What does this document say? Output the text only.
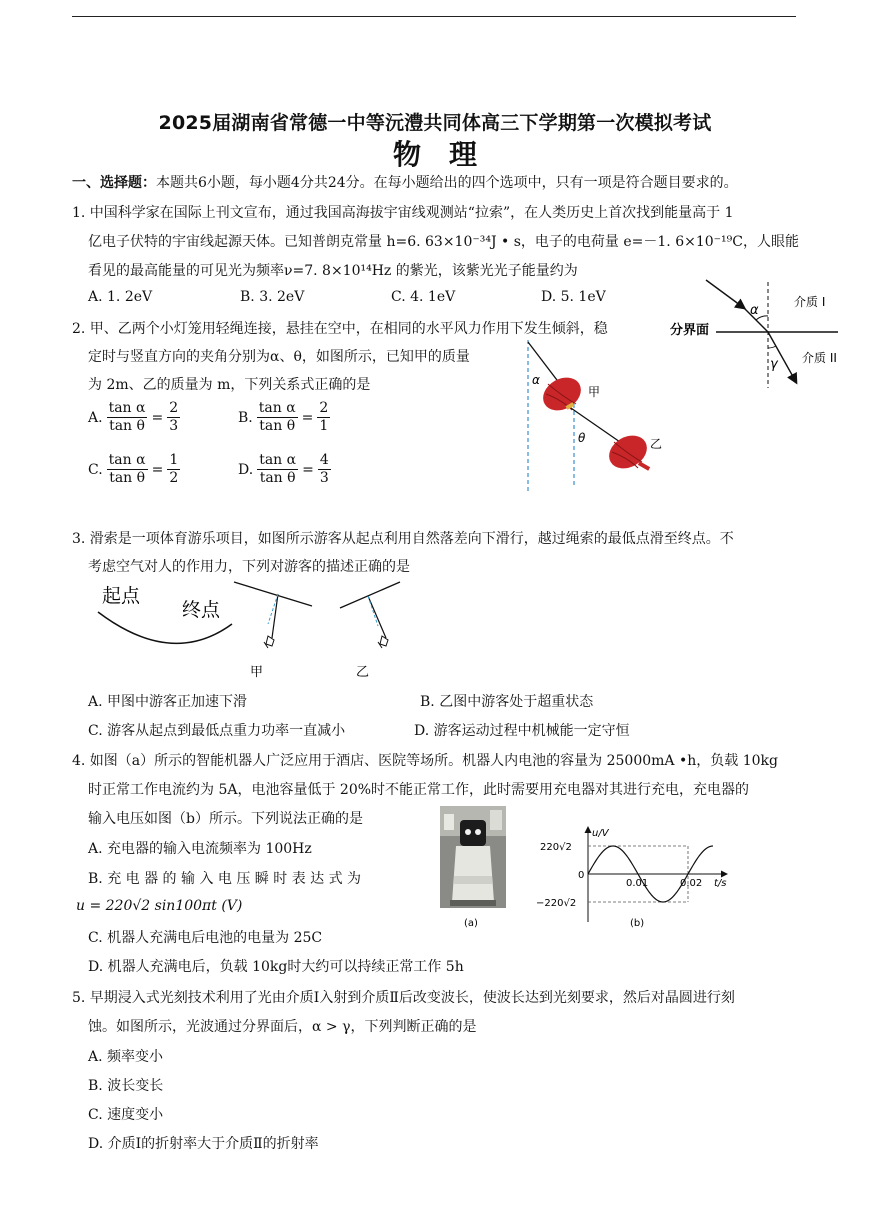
2025届湖南省常德一中等沅澧共同体高三下学期第一次模拟考试
物理
一、选择题：本题共6小题，每小题4分共24分。在每小题给出的四个选项中，只有一项是符合题目要求的。
1. 中国科学家在国际上刊文宣布，通过我国高海拔宇宙线观测站“拉索”，在人类历史上首次找到能量高于 1
亿电子伏特的宇宙线起源天体。已知普朗克常量 h=6. 63×10⁻³⁴J • s，电子的电荷量 e=－1. 6×10⁻¹⁹C，人眼能
看见的最高能量的可见光为频率ν=7. 8×10¹⁴Hz 的紫光，该紫光光子能量约为
A. 1. 2eV	B. 3. 2eV	C. 4. 1eV	D. 5. 1eV
α
γ
介质 I
介质 II
分界面
2. 甲、乙两个小灯笼用轻绳连接，悬挂在空中，在相同的水平风力作用下发生倾斜，稳
定时与竖直方向的夹角分别为α、θ，如图所示，已知甲的质量
为 2m、乙的质量为 m，下列关系式正确的是
A. $\frac{\text{tan α}}{\text{tan θ}} = \frac{2}{3}$	B. $\frac{\text{tan α}}{\text{tan θ}} = \frac{2}{1}$
C. $\frac{\text{tan α}}{\text{tan θ}} = \frac{1}{2}$	D. $\frac{\text{tan α}}{\text{tan θ}} = \frac{4}{3}$
α
θ
甲
乙
3. 滑索是一项体育游乐项目，如图所示游客从起点利用自然落差向下滑行，越过绳索的最低点滑至终点。不
考虑空气对人的作用力，下列对游客的描述正确的是
起点
终点
甲	乙
A. 甲图中游客正加速下滑	B. 乙图中游客处于超重状态
C. 游客从起点到最低点重力功率一直减小	D. 游客运动过程中机械能一定守恒
4. 如图（a）所示的智能机器人广泛应用于酒店、医院等场所。机器人内电池的容量为 25000mA •h，负载 10kg
时正常工作电流约为 5A，电池容量低于 20%时不能正常工作，此时需要用充电器对其进行充电，充电器的
输入电压如图（b）所示。下列说法正确的是
A. 充电器的输入电流频率为 100Hz
B. 充 电 器 的 输 入 电 压 瞬 时 表 达 式 为
u = 220√2 sin100πt (V)
C. 机器人充满电后电池的电量为 25C
D. 机器人充满电后，负载 10kg时大约可以持续正常工作 5h
(a)
u/V
t/s
220√2
0
−220√2
0.01	0.02
(b)
5. 早期浸入式光刻技术利用了光由介质Ⅰ入射到介质Ⅱ后改变波长，使波长达到光刻要求，然后对晶圆进行刻
蚀。如图所示，光波通过分界面后，α > γ，下列判断正确的是
A. 频率变小
B. 波长变长
C. 速度变小
D. 介质Ⅰ的折射率大于介质Ⅱ的折射率
